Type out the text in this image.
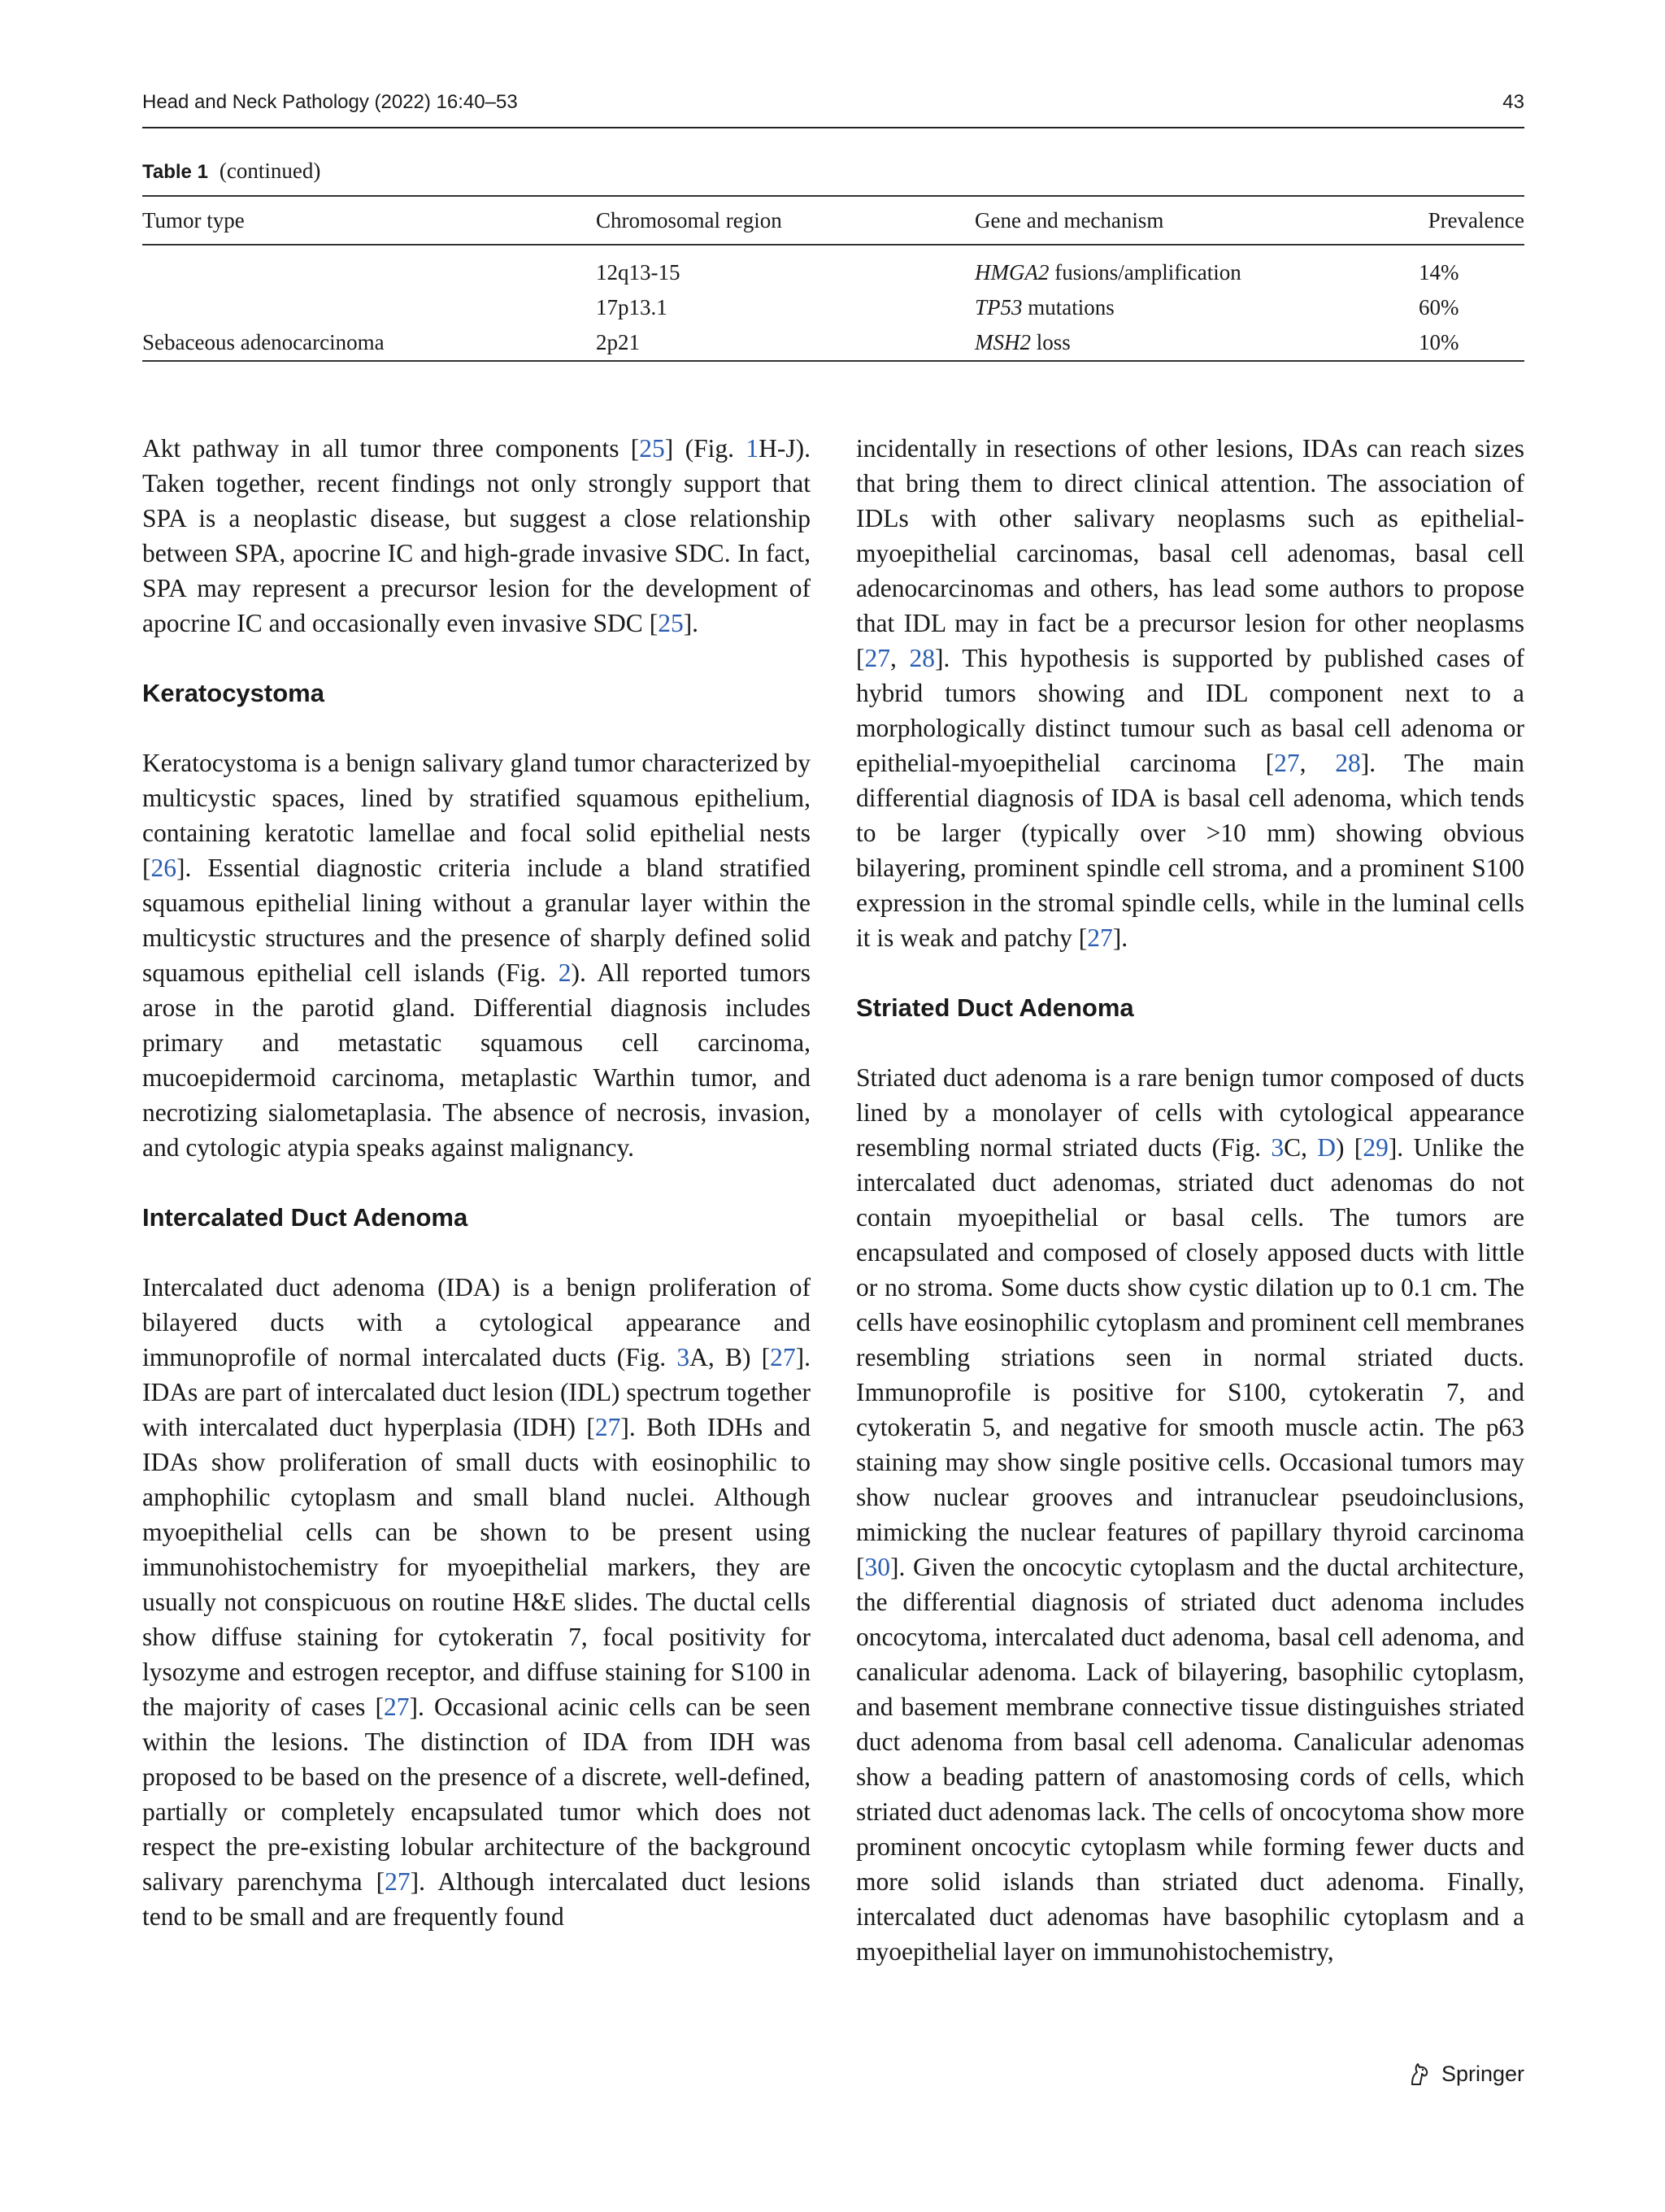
Head and Neck Pathology (2022) 16:40–53	43
Table 1 (continued)
Tumor type	Chromosomal region	Gene and mechanism	Prevalence
	12q13-15	HMGA2 fusions/amplification	14%
	17p13.1	TP53 mutations	60%
Sebaceous adenocarcinoma	2p21	MSH2 loss	10%

Akt pathway in all tumor three components [25] (Fig. 1H-J). Taken together, recent findings not only strongly support that SPA is a neoplastic disease, but suggest a close relationship between SPA, apocrine IC and high-grade invasive SDC. In fact, SPA may represent a precursor lesion for the development of apocrine IC and occasionally even invasive SDC [25].

Keratocystoma

Keratocystoma is a benign salivary gland tumor characterized by multicystic spaces, lined by stratified squamous epithelium, containing keratotic lamellae and focal solid epithelial nests [26]. Essential diagnostic criteria include a bland stratified squamous epithelial lining without a granular layer within the multicystic structures and the presence of sharply defined solid squamous epithelial cell islands (Fig. 2). All reported tumors arose in the parotid gland. Differential diagnosis includes primary and metastatic squamous cell carcinoma, mucoepidermoid carcinoma, metaplastic Warthin tumor, and necrotizing sialometaplasia. The absence of necrosis, invasion, and cytologic atypia speaks against malignancy.

Intercalated Duct Adenoma

Intercalated duct adenoma (IDA) is a benign proliferation of bilayered ducts with a cytological appearance and immunoprofile of normal intercalated ducts (Fig. 3A, B) [27]. IDAs are part of intercalated duct lesion (IDL) spectrum together with intercalated duct hyperplasia (IDH) [27]. Both IDHs and IDAs show proliferation of small ducts with eosinophilic to amphophilic cytoplasm and small bland nuclei. Although myoepithelial cells can be shown to be present using immunohistochemistry for myoepithelial markers, they are usually not conspicuous on routine H&E slides. The ductal cells show diffuse staining for cytokeratin 7, focal positivity for lysozyme and estrogen receptor, and diffuse staining for S100 in the majority of cases [27]. Occasional acinic cells can be seen within the lesions. The distinction of IDA from IDH was proposed to be based on the presence of a discrete, well-defined, partially or completely encapsulated tumor which does not respect the pre-existing lobular architecture of the background salivary parenchyma [27]. Although intercalated duct lesions tend to be small and are frequently found

incidentally in resections of other lesions, IDAs can reach sizes that bring them to direct clinical attention. The association of IDLs with other salivary neoplasms such as epithelial-myoepithelial carcinomas, basal cell adenomas, basal cell adenocarcinomas and others, has lead some authors to propose that IDL may in fact be a precursor lesion for other neoplasms [27, 28]. This hypothesis is supported by published cases of hybrid tumors showing and IDL component next to a morphologically distinct tumour such as basal cell adenoma or epithelial-myoepithelial carcinoma [27, 28]. The main differential diagnosis of IDA is basal cell adenoma, which tends to be larger (typically over >10 mm) showing obvious bilayering, prominent spindle cell stroma, and a prominent S100 expression in the stromal spindle cells, while in the luminal cells it is weak and patchy [27].

Striated Duct Adenoma

Striated duct adenoma is a rare benign tumor composed of ducts lined by a monolayer of cells with cytological appearance resembling normal striated ducts (Fig. 3C, D) [29]. Unlike the intercalated duct adenomas, striated duct adenomas do not contain myoepithelial or basal cells. The tumors are encapsulated and composed of closely apposed ducts with little or no stroma. Some ducts show cystic dilation up to 0.1 cm. The cells have eosinophilic cytoplasm and prominent cell membranes resembling striations seen in normal striated ducts. Immunoprofile is positive for S100, cytokeratin 7, and cytokeratin 5, and negative for smooth muscle actin. The p63 staining may show single positive cells. Occasional tumors may show nuclear grooves and intranuclear pseudoinclusions, mimicking the nuclear features of papillary thyroid carcinoma [30]. Given the oncocytic cytoplasm and the ductal architecture, the differential diagnosis of striated duct adenoma includes oncocytoma, intercalated duct adenoma, basal cell adenoma, and canalicular adenoma. Lack of bilayering, basophilic cytoplasm, and basement membrane connective tissue distinguishes striated duct adenoma from basal cell adenoma. Canalicular adenomas show a beading pattern of anastomosing cords of cells, which striated duct adenomas lack. The cells of oncocytoma show more prominent oncocytic cytoplasm while forming fewer ducts and more solid islands than striated duct adenoma. Finally, intercalated duct adenomas have basophilic cytoplasm and a myoepithelial layer on immunohistochemistry,

Springer
